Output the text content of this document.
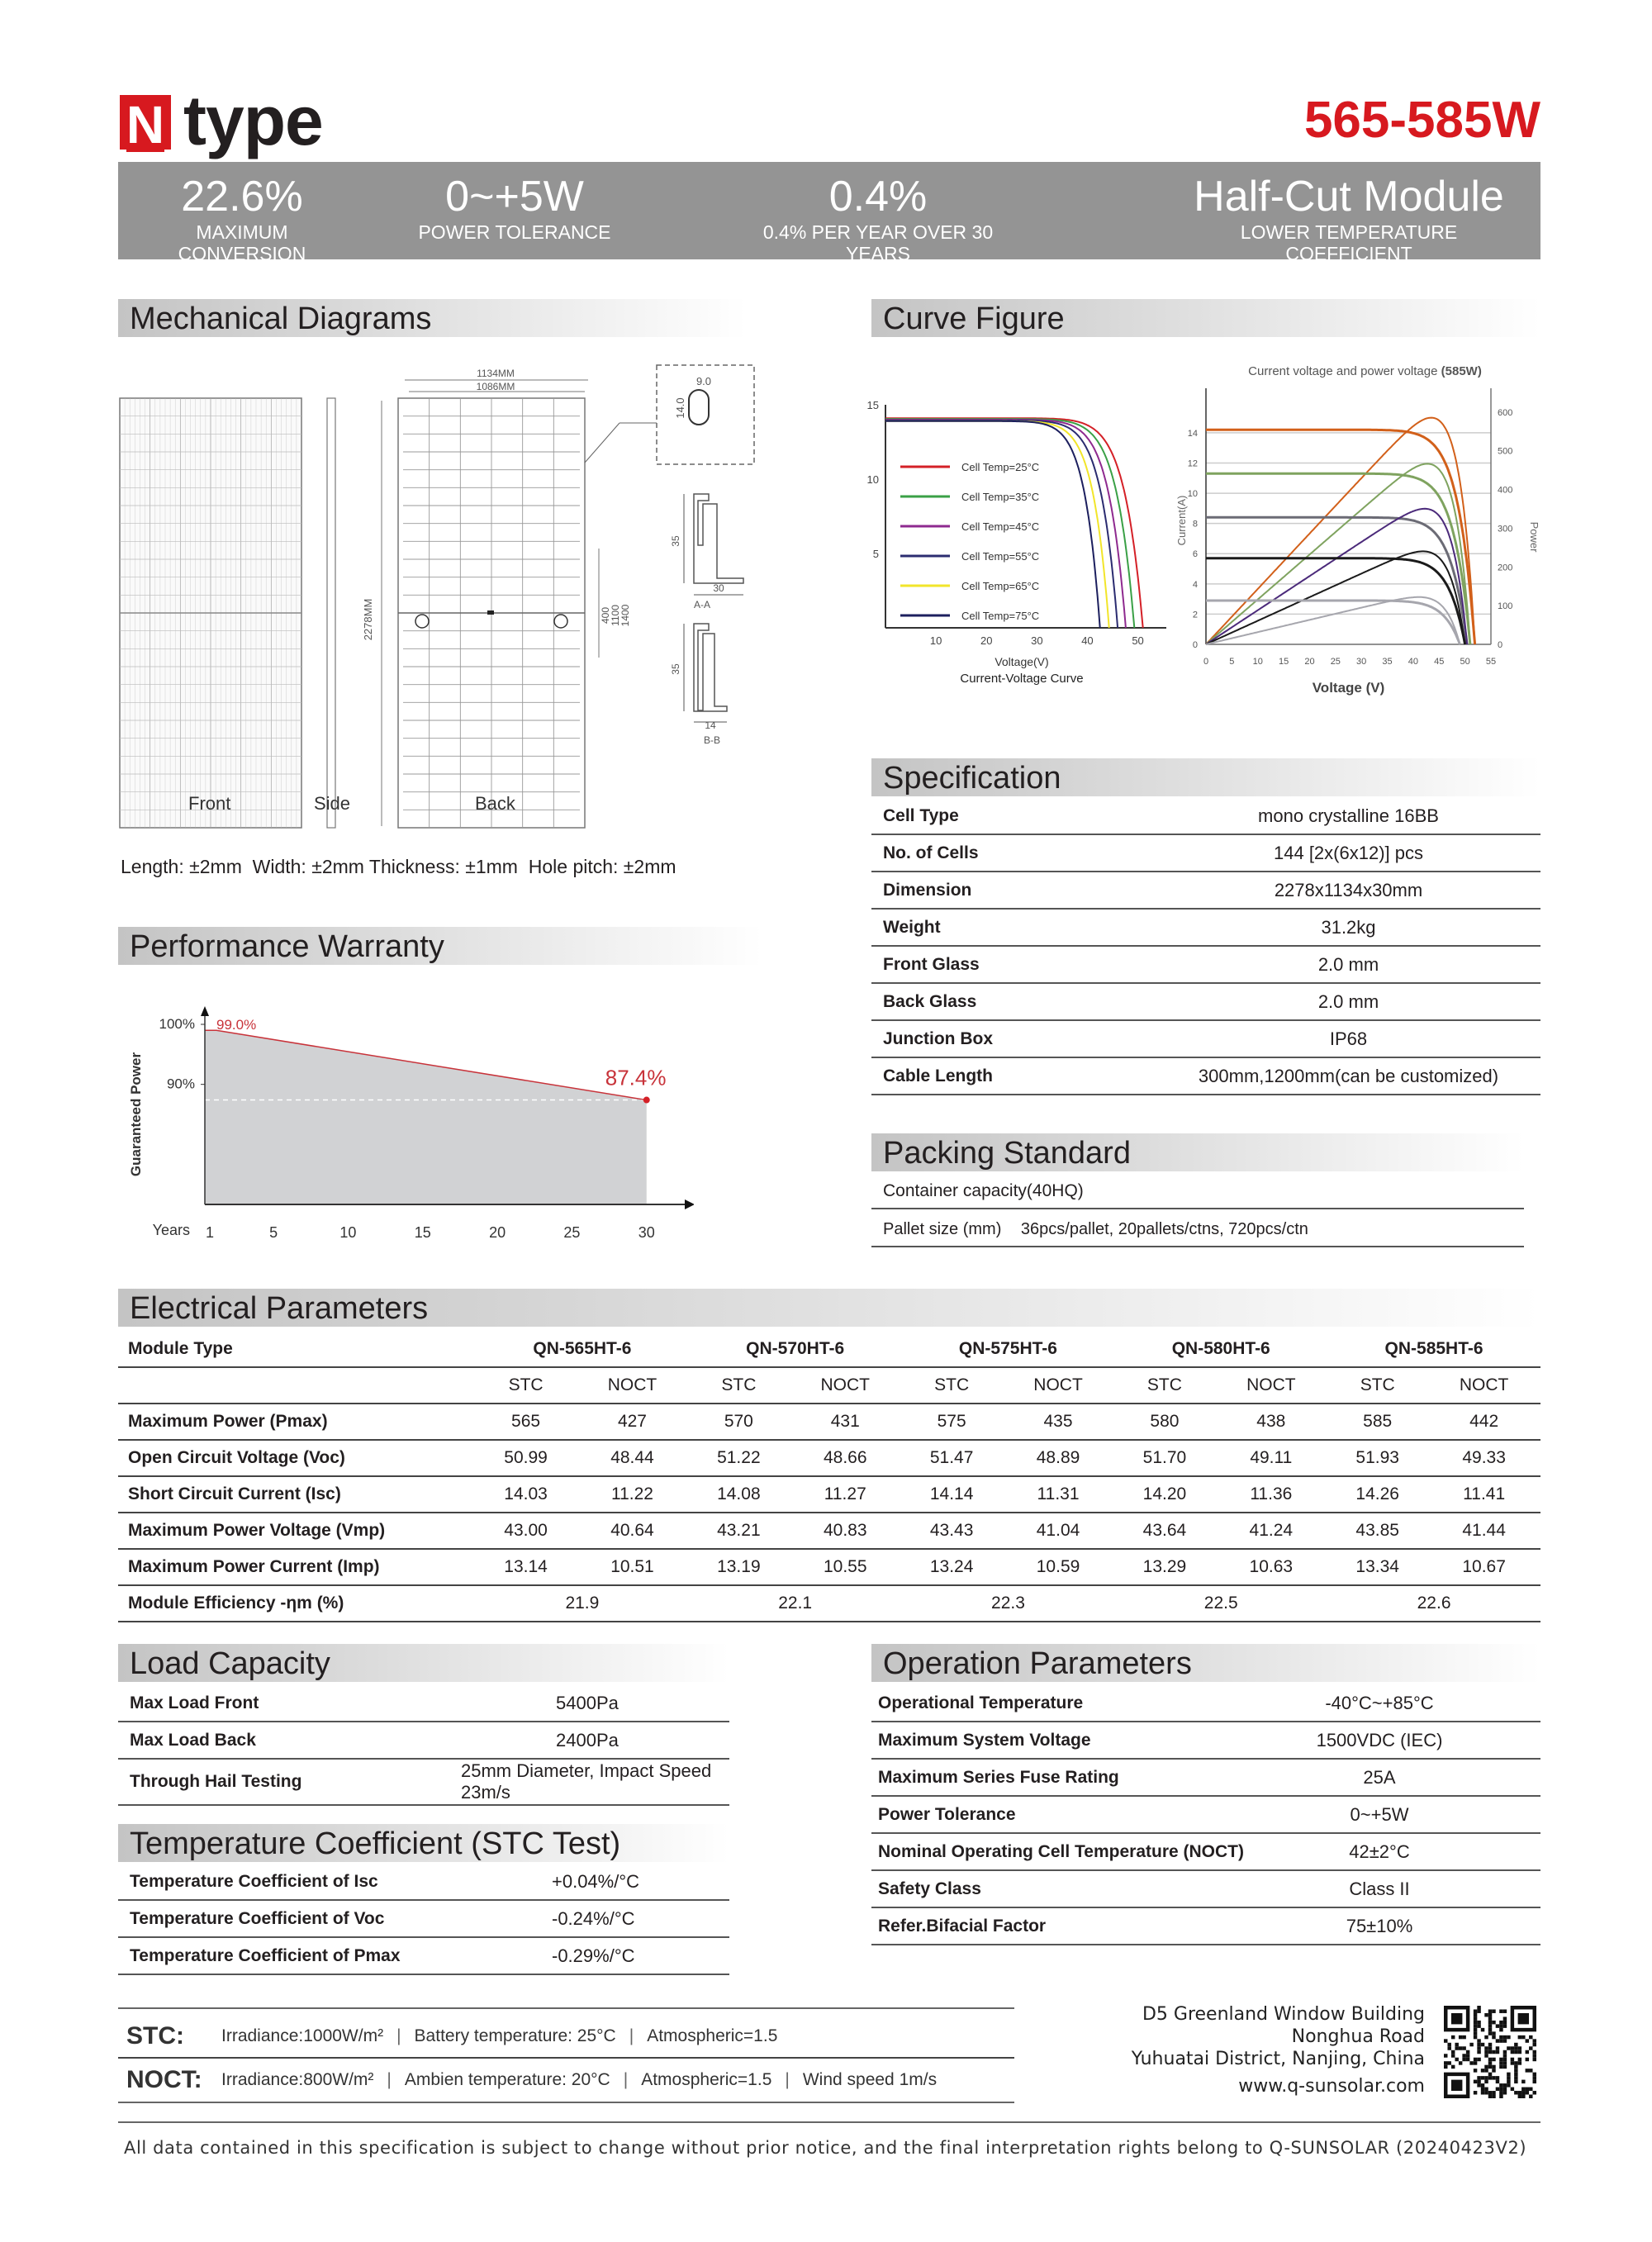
N type	565-585W
22.6%
MAXIMUM CONVERSION
0~+5W
POWER TOLERANCE
0.4%
0.4% PER YEAR OVER 30 YEARS
Half-Cut Module
LOWER TEMPERATURE COEFFICIENT
Mechanical Diagrams
2278MM
1134MM
1086MM
400
1100
1400
9.0
14.0
35
30
A-A
35
14
B-B
Front	Side	Back
Length: ±2mm  Width: ±2mm Thickness: ±1mm  Hole pitch: ±2mm
Performance Warranty
100%
90%
99.0%
87.4%
Guaranteed Power
Years 1	5	10	15	20	25	30
Curve Figure
5
10
15
10	20	30	40	50
Voltage(V)
Current-Voltage Curve
Cell Temp=25°C
Cell Temp=35°C
Cell Temp=45°C
Cell Temp=55°C
Cell Temp=65°C
Cell Temp=75°C
Current voltage and power voltage (585W)
0
2
4
6
8
10
12
14
0
100
200
300
400
500
600
0 5 10 15 20 25 30 35 40 45 50 55
Voltage (V)
Current(A)	Power
Specification
Cell Type	mono crystalline 16BB
No. of Cells	144 [2x(6x12)] pcs
Dimension	2278x1134x30mm
Weight	31.2kg
Front Glass	2.0 mm
Back Glass	2.0 mm
Junction Box	IP68
Cable Length	300mm,1200mm(can be customized)
Packing Standard
Container capacity(40HQ)
Pallet size (mm) 36pcs/pallet, 20pallets/ctns, 720pcs/ctn
Electrical Parameters
Module Type	QN-565HT-6		QN-570HT-6		QN-575HT-6		QN-580HT-6		QN-585HT-6	
	STC	NOCT	STC	NOCT	STC	NOCT	STC	NOCT	STC	NOCT
Maximum Power (Pmax)	565	427	570	431	575	435	580	438	585	442
Open Circuit Voltage (Voc)	50.99	48.44	51.22	48.66	51.47	48.89	51.70	49.11	51.93	49.33
Short Circuit Current (Isc)	14.03	11.22	14.08	11.27	14.14	11.31	14.20	11.36	14.26	11.41
Maximum Power Voltage (Vmp)	43.00	40.64	43.21	40.83	43.43	41.04	43.64	41.24	43.85	41.44
Maximum Power Current (Imp)	13.14	10.51	13.19	10.55	13.24	10.59	13.29	10.63	13.34	10.67
Module Efficiency -ηm (%)	21.9		22.1		22.3		22.5		22.6	
Load Capacity
Max Load Front	5400Pa
Max Load Back	2400Pa
Through Hail Testing	25mm Diameter, Impact Speed 23m/s
Temperature Coefficient (STC Test)
Temperature Coefficient of Isc	+0.04%/°C
Temperature Coefficient of Voc	-0.24%/°C
Temperature Coefficient of Pmax	-0.29%/°C
Operation Parameters
Operational Temperature	-40°C~+85°C
Maximum System Voltage	1500VDC (IEC)
Maximum Series Fuse Rating	25A
Power Tolerance	0~+5W
Nominal Operating Cell Temperature (NOCT)	42±2°C
Safety Class	Class II
Refer.Bifacial Factor	75±10%
STC:	Irradiance:1000W/m² | Battery temperature: 25°C | Atmospheric=1.5
NOCT:	Irradiance:800W/m² | Ambien temperature: 20°C | Atmospheric=1.5 | Wind speed 1m/s
D5 Greenland Window Building
Nonghua Road
Yuhuatai District, Nanjing, China
www.q-sunsolar.com
All data contained in this specification is subject to change without prior notice, and the final interpretation rights belong to Q-SUNSOLAR (20240423V2)
